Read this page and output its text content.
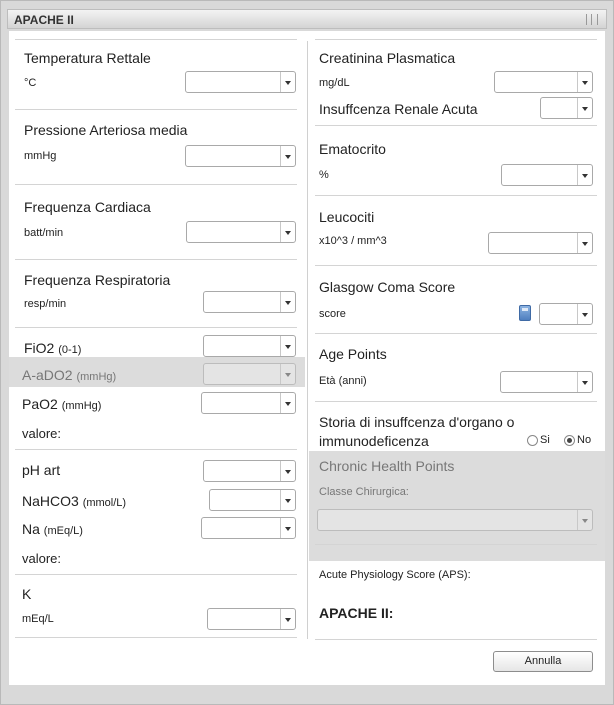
APACHE II
Temperatura Rettale
°C
Pressione Arteriosa media
mmHg
Frequenza Cardiaca
batt/min
Frequenza Respiratoria
resp/min
FiO2 (0-1)
A-aDO2 (mmHg)
PaO2 (mmHg)
valore:
pH art
NaHCO3 (mmol/L)
Na (mEq/L)
valore:
K
mEq/L
Creatinina Plasmatica
mg/dL
Insuffcenza Renale Acuta
Ematocrito
%
Leucociti
x10^3 / mm^3
Glasgow Coma Score
score
Age Points
Età (anni)
Storia di insuffcenza d'organo o
immunodeficenza	Si No
Chronic Health Points
Classe Chirurgica:
Acute Physiology Score (APS):
APACHE II:
Annulla
